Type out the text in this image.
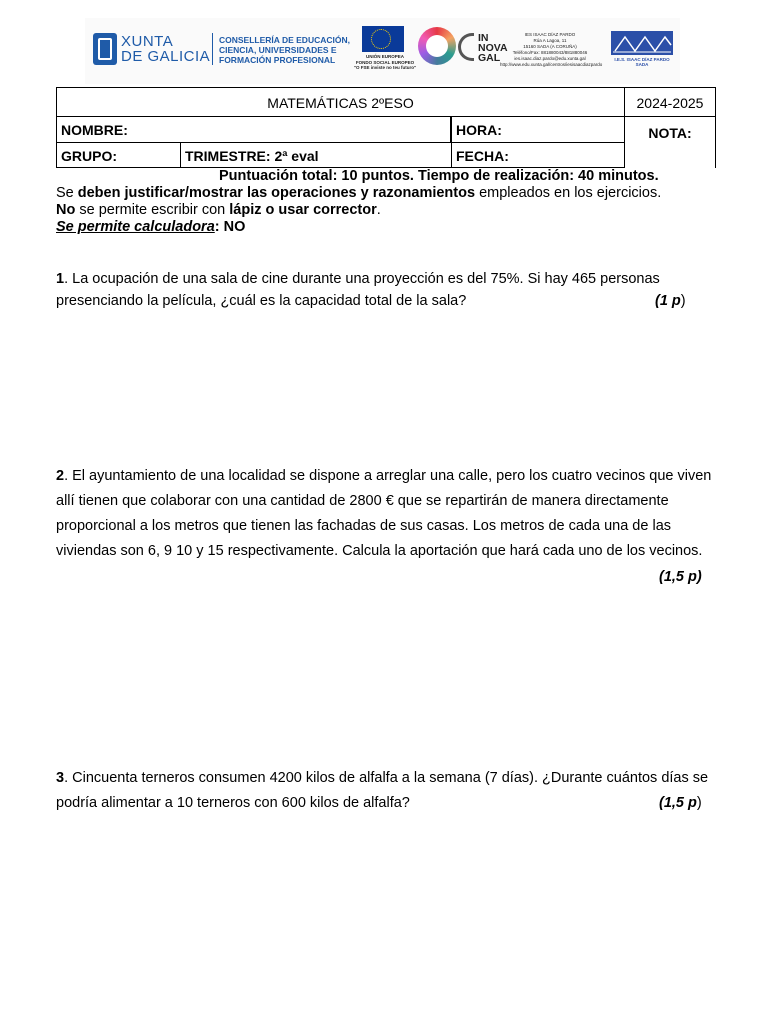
XUNTA
DE GALICIA
CONSELLERÍA DE EDUCACIÓN,
CIENCIA, UNIVERSIDADES E
FORMACIÓN PROFESIONAL	UNIÓN EUROPEA
FONDO SOCIAL EUROPEO
"O FSE inviste no teu futuro"
IN
NOVA
GAL
IES ISAAC DÍAZ PARDO
Rúa A Lagoa, 11
15160 SADA (A CORUÑA)
Teléfono/Fax: 881880043/881880046
ies.isaac.diaz.pardo@edu.xunta.gal
http://www.edu.xunta.gal/centros/iesisaacdiazpardo
I.E.S. ISAAC DÍAZ PARDO
SADA
MATEMÁTICAS 2ºESO	2024-2025
NOMBRE:	HORA:	NOTA:
GRUPO:	TRIMESTRE: 2ª eval	FECHA:
Puntuación total: 10 puntos. Tiempo de realización: 40 minutos.
Se deben justificar/mostrar las operaciones y razonamientos empleados en los ejercicios.
No se permite escribir con lápiz o usar corrector.
Se permite calculadora: NO
1. La ocupación de una sala de cine durante una proyección es del 75%. Si hay 465 personas presenciando la película, ¿cuál es la capacidad total de la sala?	(1 p)
2. El ayuntamiento de una localidad se dispone a arreglar una calle, pero los cuatro vecinos que viven allí tienen que colaborar con una cantidad de 2800 € que se repartirán de manera directamente proporcional a los metros que tienen las fachadas de sus casas. Los metros de cada una de las viviendas son 6, 9 10 y 15 respectivamente. Calcula la aportación que hará cada uno de los vecinos.
(1,5 p)
3. Cincuenta terneros consumen 4200 kilos de alfalfa a la semana (7 días). ¿Durante cuántos días se podría alimentar a 10 terneros con 600 kilos de alfalfa?	(1,5 p)
